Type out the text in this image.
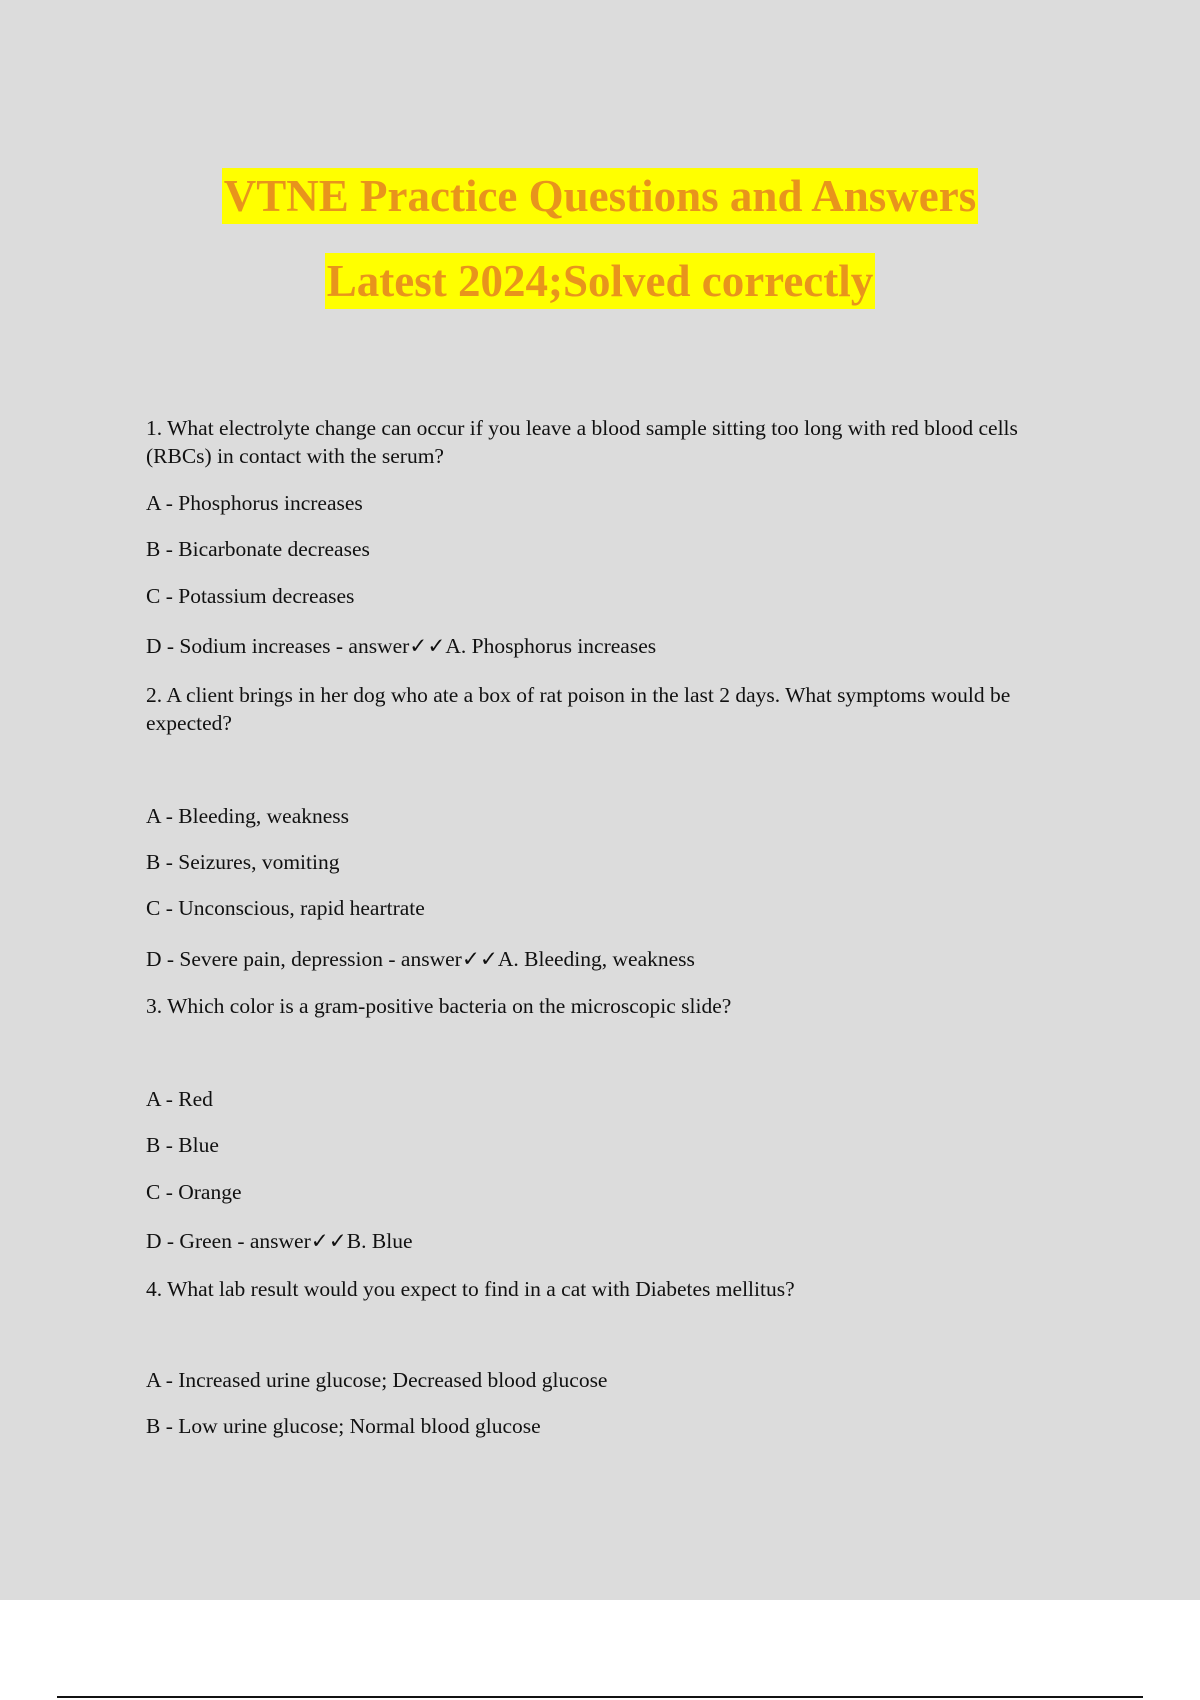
VTNE Practice Questions and Answers
Latest 2024;Solved correctly
1. What electrolyte change can occur if you leave a blood sample sitting too long with red blood cells (RBCs) in contact with the serum?
A - Phosphorus increases
B - Bicarbonate decreases
C - Potassium decreases
D - Sodium increases - answer✓✓A. Phosphorus increases
2. A client brings in her dog who ate a box of rat poison in the last 2 days. What symptoms would be expected?
A - Bleeding, weakness
B - Seizures, vomiting
C - Unconscious, rapid heartrate
D - Severe pain, depression - answer✓✓A. Bleeding, weakness
3. Which color is a gram-positive bacteria on the microscopic slide?
A - Red
B - Blue
C - Orange
D - Green - answer✓✓B. Blue
4. What lab result would you expect to find in a cat with Diabetes mellitus?
A - Increased urine glucose; Decreased blood glucose
B - Low urine glucose; Normal blood glucose
